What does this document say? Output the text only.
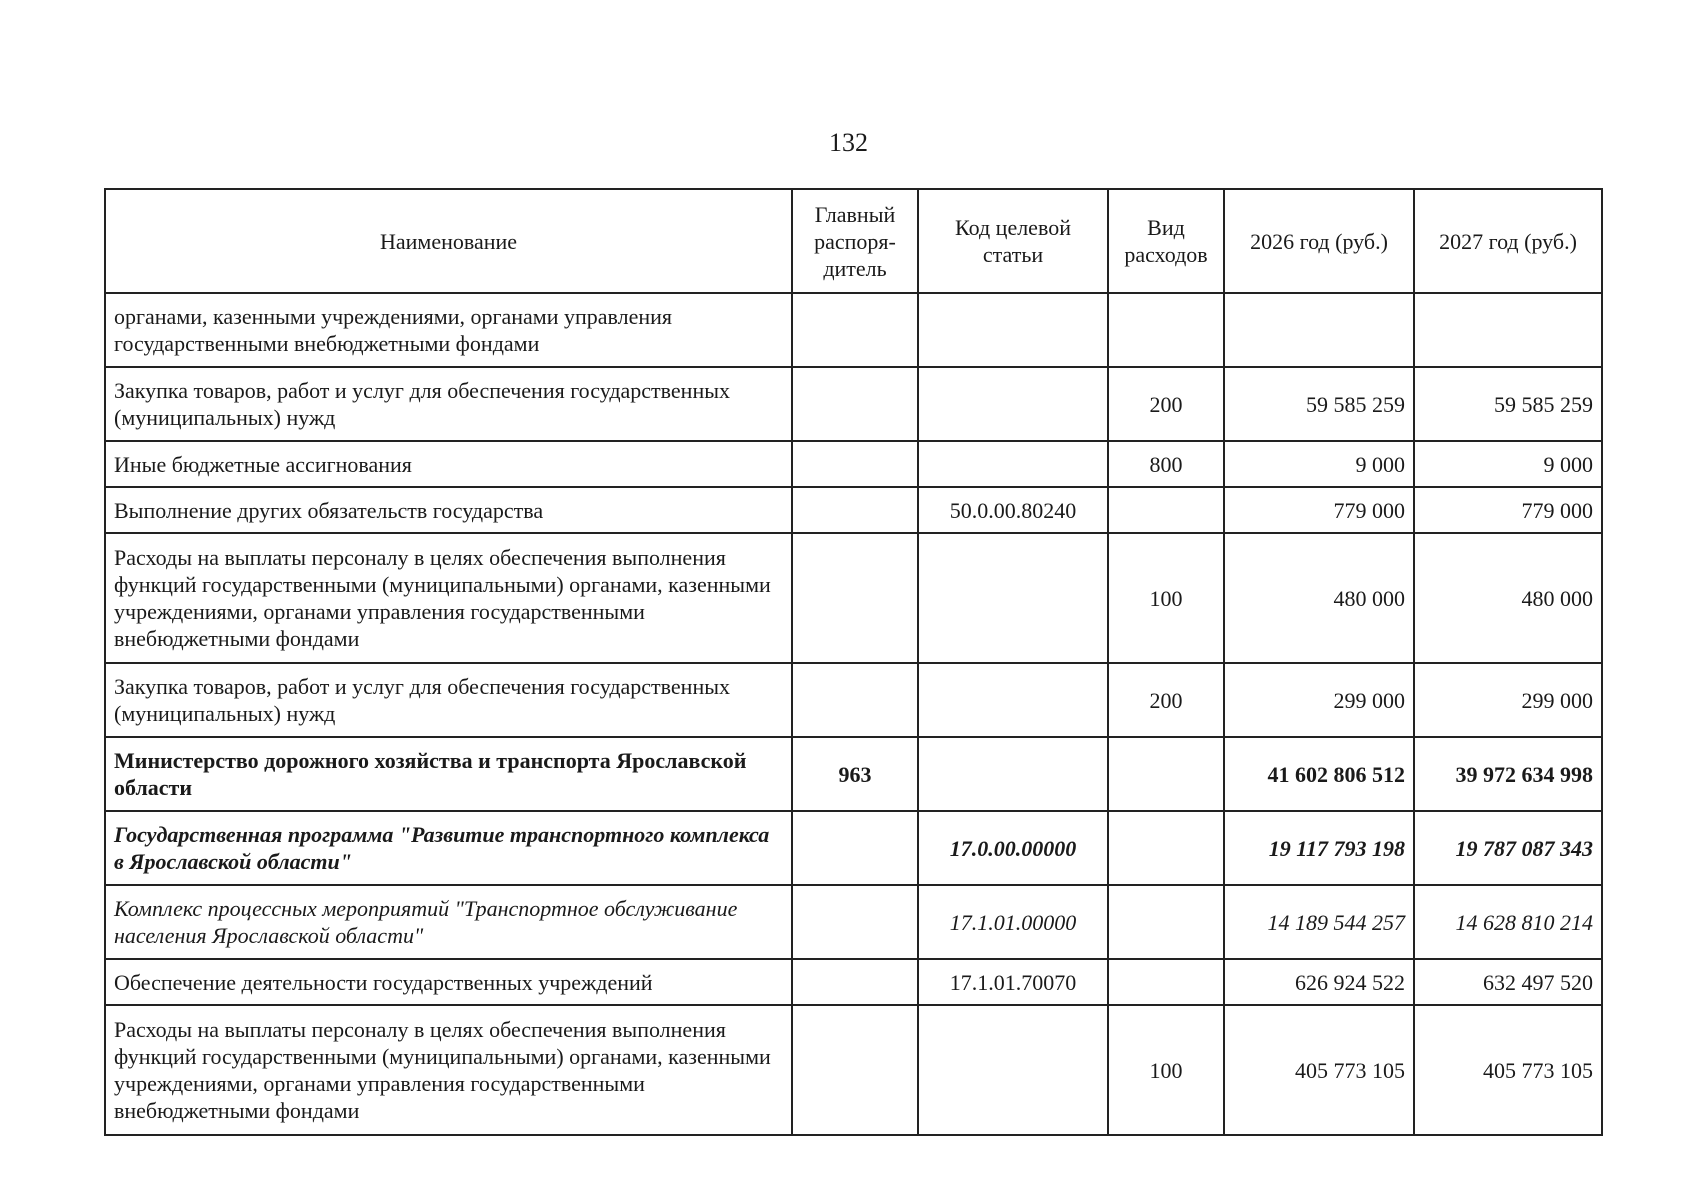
132
Наименование	Главный распоря-дитель	Код целевой статьи	Вид расходов	2026 год (руб.)	2027 год (руб.)
органами, казенными учреждениями, органами управления государственными внебюджетными фондами					
Закупка товаров, работ и услуг для обеспечения государственных (муниципальных) нужд			200	59 585 259	59 585 259
Иные бюджетные ассигнования			800	9 000	9 000
Выполнение других обязательств государства		50.0.00.80240		779 000	779 000
Расходы на выплаты персоналу в целях обеспечения выполнения функций государственными (муниципальными) органами, казенными учреждениями, органами управления государственными внебюджетными фондами			100	480 000	480 000
Закупка товаров, работ и услуг для обеспечения государственных (муниципальных) нужд			200	299 000	299 000
Министерство дорожного хозяйства и транспорта Ярославской области	963			41 602 806 512	39 972 634 998
Государственная программа "Развитие транспортного комплекса в Ярославской области"		17.0.00.00000		19 117 793 198	19 787 087 343
Комплекс процессных мероприятий "Транспортное обслуживание населения Ярославской области"		17.1.01.00000		14 189 544 257	14 628 810 214
Обеспечение деятельности государственных учреждений		17.1.01.70070		626 924 522	632 497 520
Расходы на выплаты персоналу в целях обеспечения выполнения функций государственными (муниципальными) органами, казенными учреждениями, органами управления государственными внебюджетными фондами			100	405 773 105	405 773 105
